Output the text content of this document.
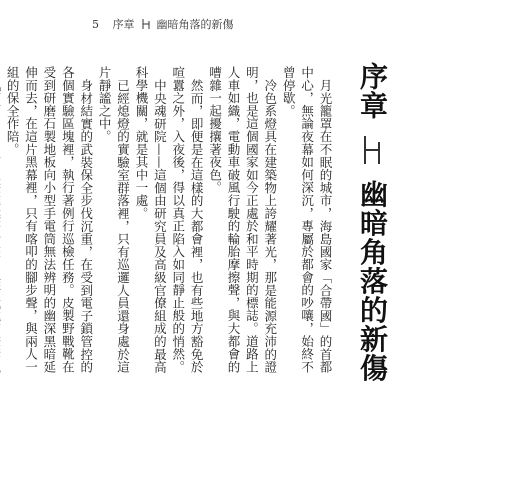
5 序章 幽暗角落的新傷
序章  幽暗角落的新傷

月光籠罩在不眠的城市，海島國家「合帶國」的首都中心，無論夜幕如何深沉，專屬於都會的吵嚷，始終不曾停歇。

冷色系燈具在建築物上誇耀著光，那是能源充沛的證明，也是這個國家如今正處於和平時期的標誌。道路上人車如織，電動車破風行駛的輪胎摩擦聲，與大都會的嘈雜一起擾攘著夜色。

然而，即便是在這樣的大都會裡，也有些地方豁免於喧囂之外，入夜後，得以真正陷入如同靜止般的悄然。

中央魂研院——這個由研究員及高級官僚組成的最高科學機關，就是其中一處。

已經熄燈的實驗室群落裡，只有巡邏人員還身處於這片靜謐之中。

身材結實的武裝保全步伐沉重，在受到電子鎖管控的各個實驗區塊裡，執行著例行巡檢任務。皮製野戰靴在受到研磨石製地板向小型手電筒無法辨明的幽深黑暗延伸而去，在這片黑幕裡，只有喀叩的腳步聲，與兩人一組的保全作陪。
